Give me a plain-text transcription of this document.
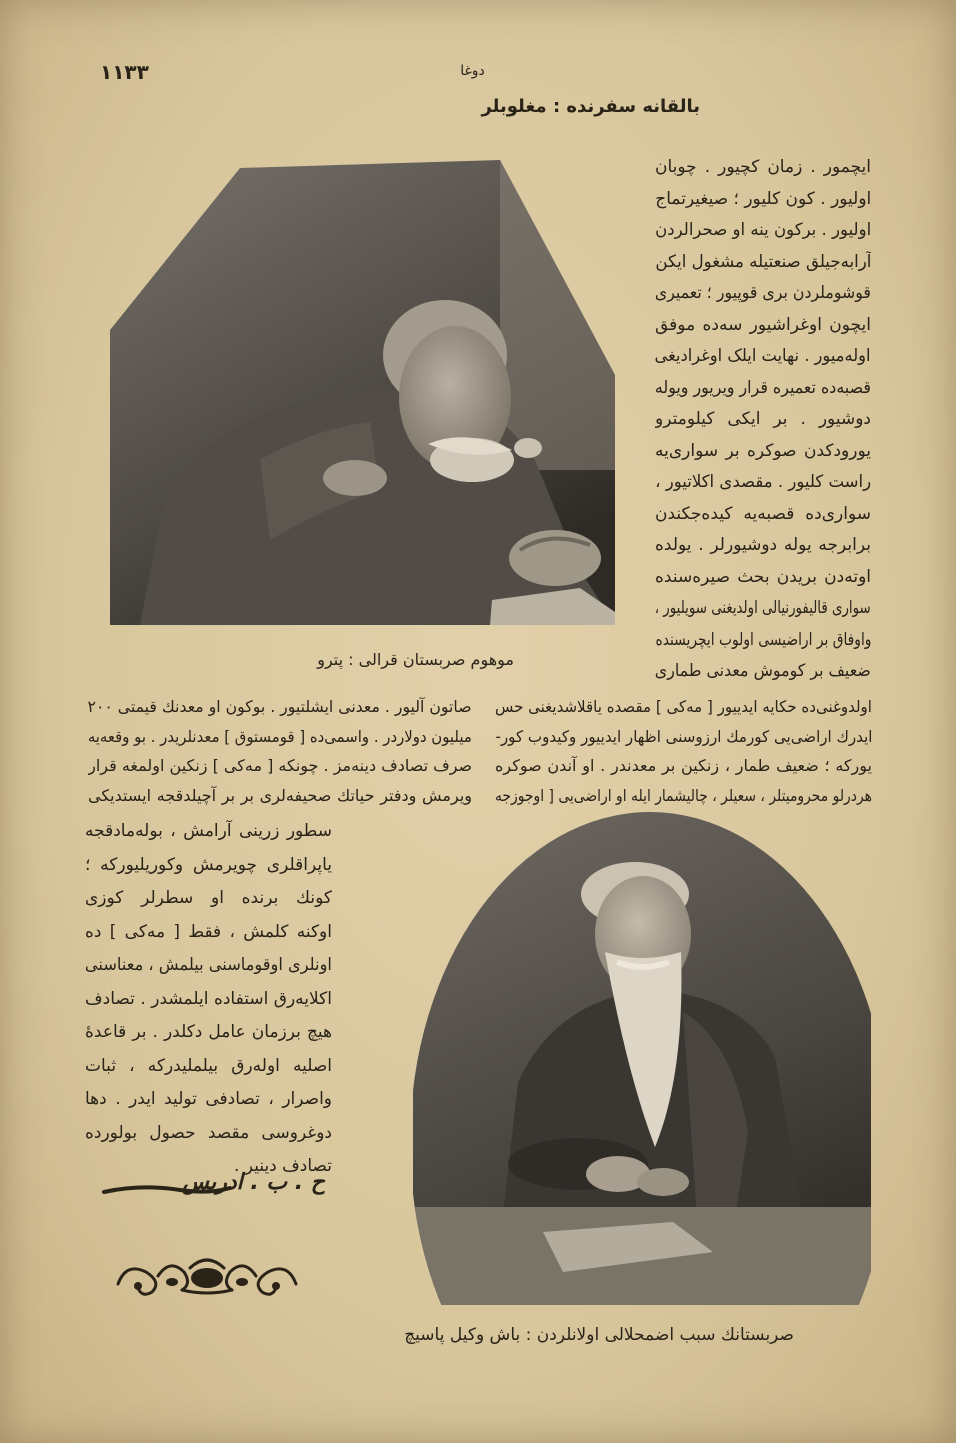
۱۱۳۳	دوغا
بالقانه سفرنده : مغلوبلر
ایچمور . زمان کچیور . چوبان
اولیور . کون کلیور ؛ صیغیرتماج
اولیور . برکون ینه او صحرالردن
آرابه‌جیلق صنعتیله مشغول ایکن
قوشوملردن بری قوپیور ؛ تعمیری
ایچون اوغراشیور سه‌ده موفق
اوله‌میور . نهایت ایلک اوغرادیغی
قصبه‌ده تعمیره قرار ویریور ویوله
دوشیور . بر ایکی کیلومترو
یورودکدن صوکره بر سواری‌یه
راست کلیور . مقصدی اکلاتیور ،
سواری‌ده قصبه‌یه کیده‌جکندن
برابرجه یوله دوشیورلر . یولده
اوته‌دن بریدن بحث صیره‌سنده
سواری قالیفورنیالی اولدیغنی سویلیور ،
واوفاق بر اراضیسی اولوب ایچریسنده
ضعیف بر کوموش معدنی طماری
موهوم صربستان قرالی : پترو
اولدوغنی‌ده حکایه ایدییور [ مه‌کی ] مقصده یاقلاشدیغنی حس
ایدرك اراضی‌یی کورمك ارزوسنی اظهار ایدییور وکیدوب کور-
یورکه ؛ ضعیف طمار ، زنکین بر معدندر . او آندن صوکره
هردرلو محرومیتلر ، سعیلر ، چالیشمار ایله او اراضی‌یی [ اوجوزجه
صاتون آلیور . معدنی ایشلتیور . بوکون او معدنك قیمتی ۲۰۰
میلیون دولاردر . واسمی‌ده [ قومستوق ] معدنلریدر . بو وقعه‌یه
صرف تصادف دینه‌مز . چونکه [ مه‌کی ] زنکین اولمغه قرار
ویرمش ودفتر حیاتك صحیفه‌لری بر بر آچیلدقجه ایستدیکی
سطور زرینی آرامش ، بوله‌مادقجه
یاپراقلری چویرمش وکوریلیورکه ؛
کونك برنده او سطرلر کوزی
اوکنه کلمش ، فقط [ مه‌کی ] ده
اونلری اوقوماسنی بیلمش ، معناسنی
اکلایه‌رق استفاده ایلمشدر . تصادف
هیچ برزمان عامل دکلدر . بر قاعدهٔ
اصلیه اوله‌رق بیلملیدرکه ، ثبات
واصرار ، تصادفی تولید ایدر . دها
دوغروسی مقصد حصول بولورده
تصادف دینیر .
ح . ب . ادریس
صربستانك سبب اضمحلالی اولانلردن : باش وکیل پاسیچ
